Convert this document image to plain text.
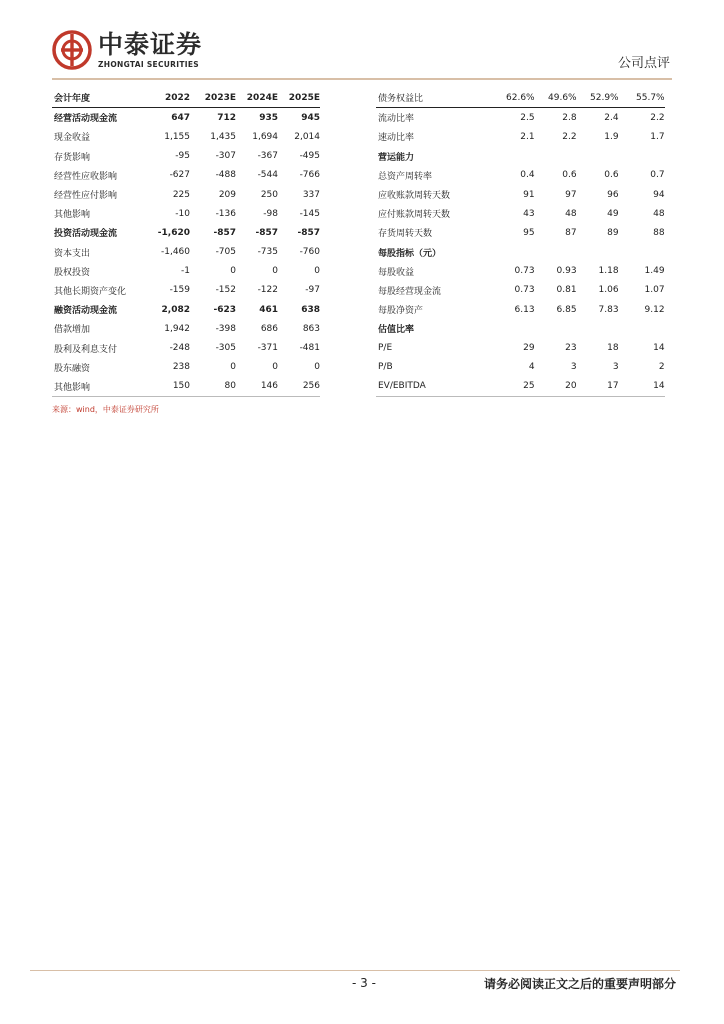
中泰证券
ZHONGTAI SECURITIES	公司点评
会计年度	2022	2023E	2024E	2025E
经营活动现金流	647	712	935	945
现金收益	1,155	1,435	1,694	2,014
存货影响	-95	-307	-367	-495
经营性应收影响	-627	-488	-544	-766
经营性应付影响	225	209	250	337
其他影响	-10	-136	-98	-145
投资活动现金流	-1,620	-857	-857	-857
资本支出	-1,460	-705	-735	-760
股权投资	-1	0	0	0
其他长期资产变化	-159	-152	-122	-97
融资活动现金流	2,082	-623	461	638
借款增加	1,942	-398	686	863
股利及利息支付	-248	-305	-371	-481
股东融资	238	0	0	0
其他影响	150	80	146	256
债务权益比	62.6%	49.6%	52.9%	55.7%
流动比率	2.5	2.8	2.4	2.2
速动比率	2.1	2.2	1.9	1.7
营运能力				
总资产周转率	0.4	0.6	0.6	0.7
应收账款周转天数	91	97	96	94
应付账款周转天数	43	48	49	48
存货周转天数	95	87	89	88
每股指标（元）				
每股收益	0.73	0.93	1.18	1.49
每股经营现金流	0.73	0.81	1.06	1.07
每股净资产	6.13	6.85	7.83	9.12
估值比率				
P/E	29	23	18	14
P/B	4	3	3	2
EV/EBITDA	25	20	17	14
来源：wind，中泰证券研究所
- 3 -	请务必阅读正文之后的重要声明部分
